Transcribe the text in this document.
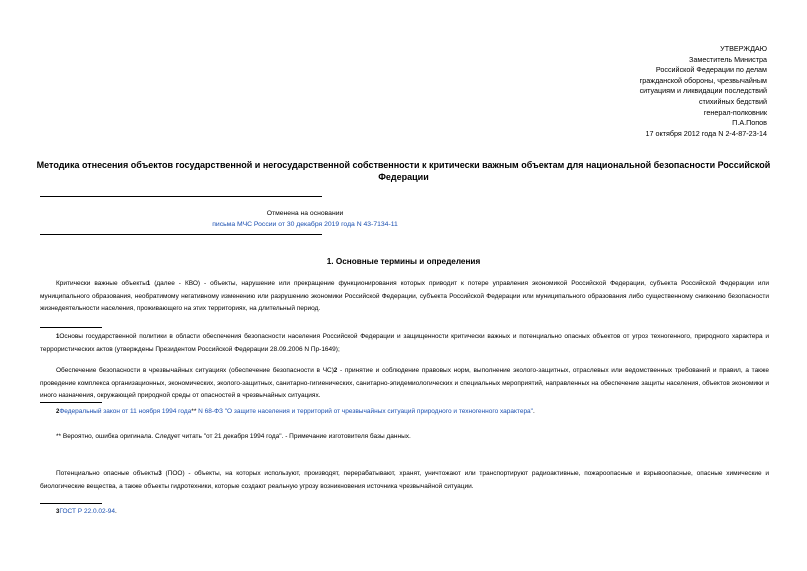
УТВЕРЖДАЮ
Заместитель Министра
Российской Федерации по делам
гражданской обороны, чрезвычайным
ситуациям и ликвидации последствий
стихийных бедствий
генерал-полковник
П.А.Попов
17 октября 2012 года N 2-4-87-23-14
Методика отнесения объектов государственной и негосударственной собственности к критически важным объектам для национальной безопасности Российской Федерации
Отменена на основании
письма МЧС России от 30 декабря 2019 года N 43-7134-11
1. Основные термины и определения
Критически важные объекты1 (далее - КВО) - объекты, нарушение или прекращение функционирования которых приводит к потере управления экономикой Российской Федерации, субъекта Российской Федерации или муниципального образования, необратимому негативному изменению или разрушению экономики Российской Федерации, субъекта Российской Федерации или муниципального образования либо существенному снижению безопасности жизнедеятельности населения, проживающего на этих территориях, на длительный период.
1Основы государственной политики в области обеспечения безопасности населения Российской Федерации и защищенности критически важных и потенциально опасных объектов от угроз техногенного, природного характера и террористических актов (утверждены Президентом Российской Федерации 28.09.2006 N Пр-1649);
Обеспечение безопасности в чрезвычайных ситуациях (обеспечение безопасности в ЧС)2 - принятие и соблюдение правовых норм, выполнение эколого-защитных, отраслевых или ведомственных требований и правил, а также проведение комплекса организационных, экономических, эколого-защитных, санитарно-гигиенических, санитарно-эпидемиологических и специальных мероприятий, направленных на обеспечение защиты населения, объектов экономики и иного назначения, окружающей природной среды от опасностей в чрезвычайных ситуациях.
2Федеральный закон от 11 ноября 1994 года** N 68-ФЗ "О защите населения и территорий от чрезвычайных ситуаций природного и техногенного характера".
** Вероятно, ошибка оригинала. Следует читать "от 21 декабря 1994 года". - Примечание изготовителя базы данных.
Потенциально опасные объекты3 (ПОО) - объекты, на которых используют, производят, перерабатывают, хранят, уничтожают или транспортируют радиоактивные, пожароопасные и взрывоопасные, опасные химические и биологические вещества, а также объекты гидротехники, которые создают реальную угрозу возникновения источника чрезвычайной ситуации.
3ГОСТ Р 22.0.02-94.
